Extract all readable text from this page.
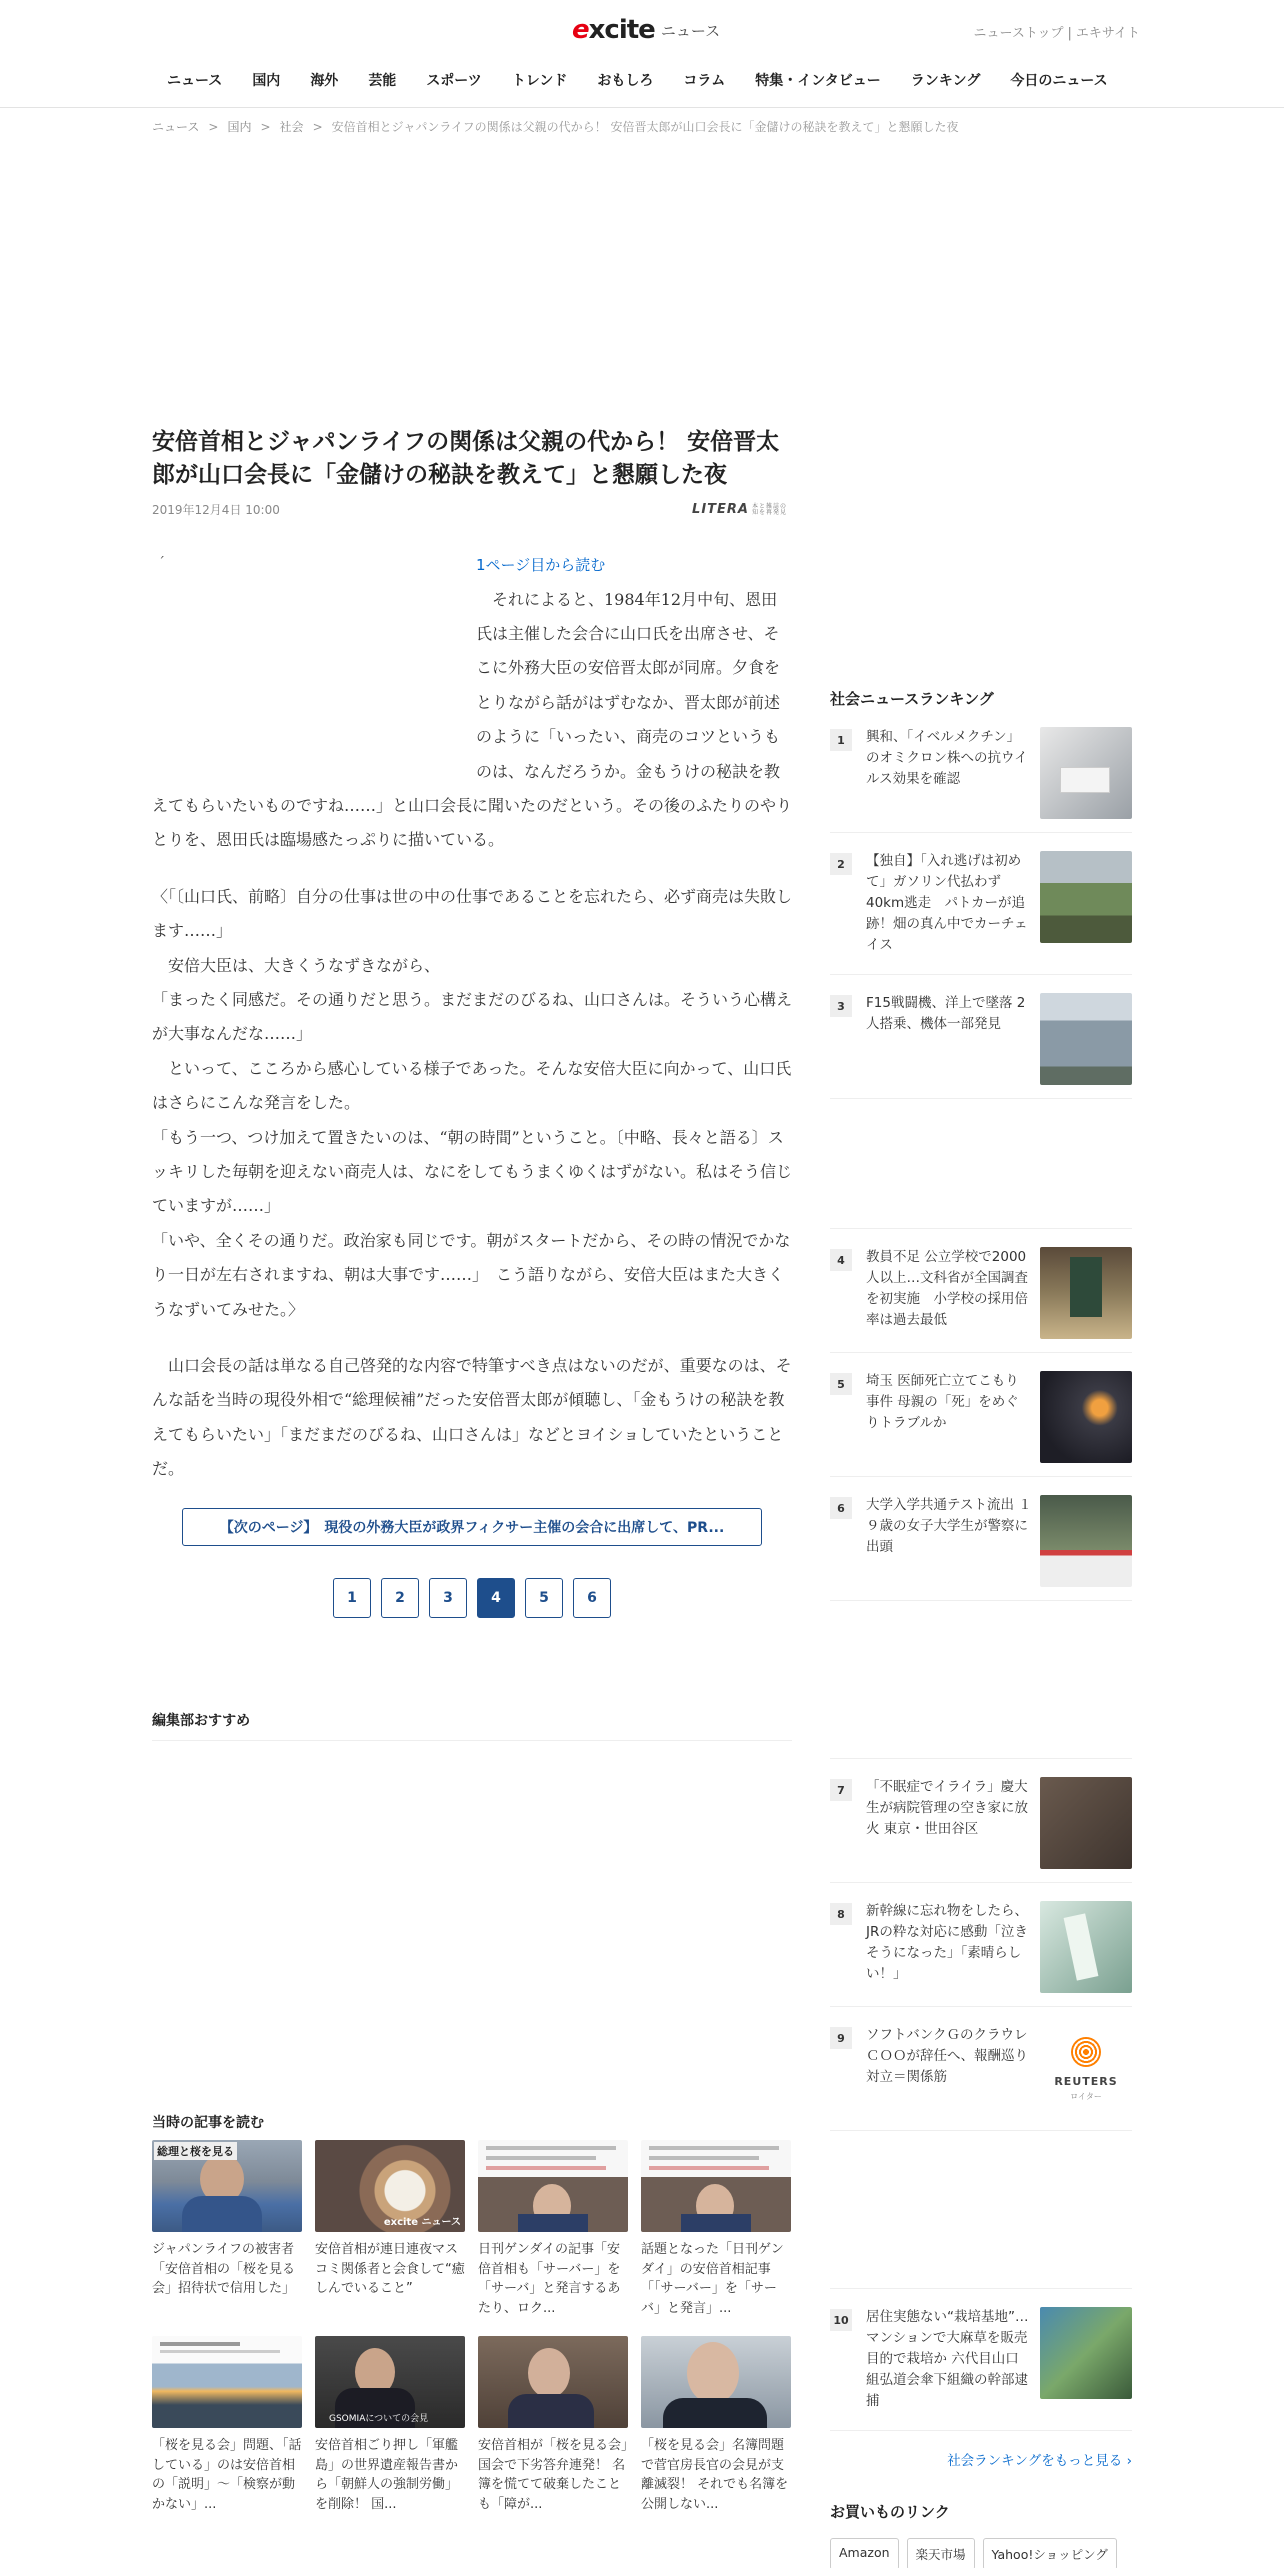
excite ニュース	ニューストップ | エキサイト
ニュース	国内	海外	芸能	スポーツ	トレンド	おもしろ	コラム	特集・インタビュー	ランキング	今日のニュース
ニュース > 国内 > 社会 > 安倍首相とジャパンライフの関係は父親の代から！ 安倍晋太郎が山口会長に「金儲けの秘訣を教えて」と懇願した夜
安倍首相とジャパンライフの関係は父親の代から！ 安倍晋太郎が山口会長に「金儲けの秘訣を教えて」と懇願した夜
2019年12月4日 10:00	LITERA 本と雑誌の知を再発見
´	1ページ目から読む

それによると、1984年12月中旬、恩田氏は主催した会合に山口氏を出席させ、そこに外務大臣の安倍晋太郎が同席。夕食をとりながら話がはずむなか、晋太郎が前述のように「いったい、商売のコツというものは、なんだろうか。金もうけの秘訣を教えてもらいたいものですね……」と山口会長に聞いたのだという。その後のふたりのやりとりを、恩田氏は臨場感たっぷりに描いている。

〈「〔山口氏、前略〕自分の仕事は世の中の仕事であることを忘れたら、必ず商売は失敗します……」

　安倍大臣は、大きくうなずきながら、

「まったく同感だ。その通りだと思う。まだまだのびるね、山口さんは。そういう心構えが大事なんだな……」

　といって、こころから感心している様子であった。そんな安倍大臣に向かって、山口氏はさらにこんな発言をした。

「もう一つ、つけ加えて置きたいのは、“朝の時間”ということ。〔中略、長々と語る〕スッキリした毎朝を迎えない商売人は、なにをしてもうまくゆくはずがない。私はそう信じていますが……」

「いや、全くその通りだ。政治家も同じです。朝がスタートだから、その時の情況でかなり一日が左右されますね、朝は大事です……」　こう語りながら、安倍大臣はまた大きくうなずいてみせた。〉

　山口会長の話は単なる自己啓発的な内容で特筆すべき点はないのだが、重要なのは、そんな話を当時の現役外相で“総理候補”だった安倍晋太郎が傾聴し、「金もうけの秘訣を教えてもらいたい」「まだまだのびるね、山口さんは」などとヨイショしていたということだ。

【次のページ】　現役の外務大臣が政界フィクサー主催の会合に出席して、PR...
1	2	3	4	5	6
編集部おすすめ
当時の記事を読む
総理と桜を見る
ジャパンライフの被害者 「安倍首相の「桜を見る会」招待状で信用した」
excite ニュース
安倍首相が連日連夜マスコミ関係者と会食して“癒しんでいること”
日刊ゲンダイの記事「安倍首相も「サーバー」を「サーバ」と発言するあたり、ロク...
話題となった「日刊ゲンダイ」の安倍首相記事 「「サーバー」を「サーバ」と発言」...
「桜を見る会」問題、「話している」のは安倍首相の「説明」～「検察が動かない」...
GSOMIAについての会見
安倍首相ごり押し「軍艦島」の世界遺産報告書から「朝鮮人の強制労働」を削除！ 国...
安倍首相が「桜を見る会」国会で下劣答弁連発！ 名簿を慌てて破棄したことも「障が...
「桜を見る会」名簿問題で菅官房長官の会見が支離滅裂！ それでも名簿を公開しない...
社会ニュースランキング
1	興和、「イベルメクチン」のオミクロン株への抗ウイルス効果を確認
2	【独自】「入れ逃げは初めて」ガソリン代払わず40km逃走　パトカーが追跡！畑の真ん中でカーチェイス
3	F15戦闘機、洋上で墜落 2人搭乗、機体一部発見
4	教員不足 公立学校で2000人以上…文科省が全国調査を初実施　小学校の採用倍率は過去最低
5	埼玉 医師死亡立てこもり事件 母親の「死」をめぐりトラブルか
6	大学入学共通テスト流出 １９歳の女子大学生が警察に出頭
7	「不眠症でイライラ」慶大生が病院管理の空き家に放火 東京・世田谷区
8	新幹線に忘れ物をしたら、JRの粋な対応に感動「泣きそうになった」「素晴らしい！」
9	ソフトバンクＧのクラウレＣＯＯが辞任へ、報酬巡り対立＝関係筋	REUTERS
ロイター
10	居住実態ない“栽培基地”…マンションで大麻草を販売目的で栽培か 六代目山口組弘道会傘下組織の幹部逮捕
社会ランキングをもっと見る ›
お買いものリンク
Amazon	楽天市場	Yahoo!ショッピング
